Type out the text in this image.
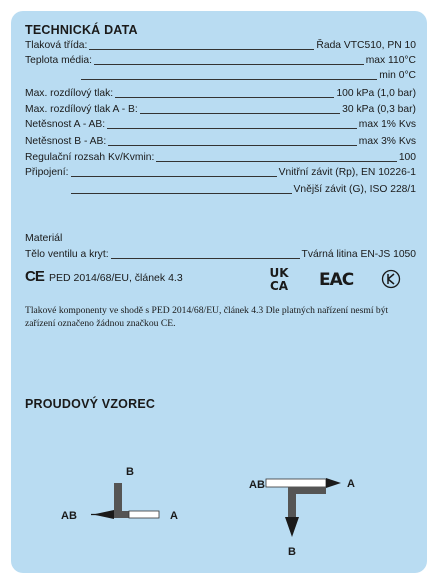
TECHNICKÁ DATA
Tlaková třída:	Řada VTC510, PN 10
Teplota média:	max 110°C
min 0°C
Max. rozdílový tlak:	100 kPa (1,0 bar)
Max. rozdílový tlak A - B:	30 kPa (0,3 bar)
Netěsnost A - AB:	max 1% Kvs
Netěsnost B - AB:	max 3% Kvs
Regulační rozsah Kv/Kvmin:	100
Připojení:	Vnitřní závit (Rp), EN 10226-1
Vnější závit (G), ISO 228/1
Materiál
Tělo ventilu a kryt:	Tvárná litina EN-JS 1050
CE PED 2014/68/EU, článek 4.3	UK
CA EAC
Tlakové komponenty ve shodě s PED 2014/68/EU, článek 4.3 Dle platných nařízení nesmí být zařízení označeno žádnou značkou CE.
PROUDOVÝ VZOREC
B
AB	A
AB	A
B
